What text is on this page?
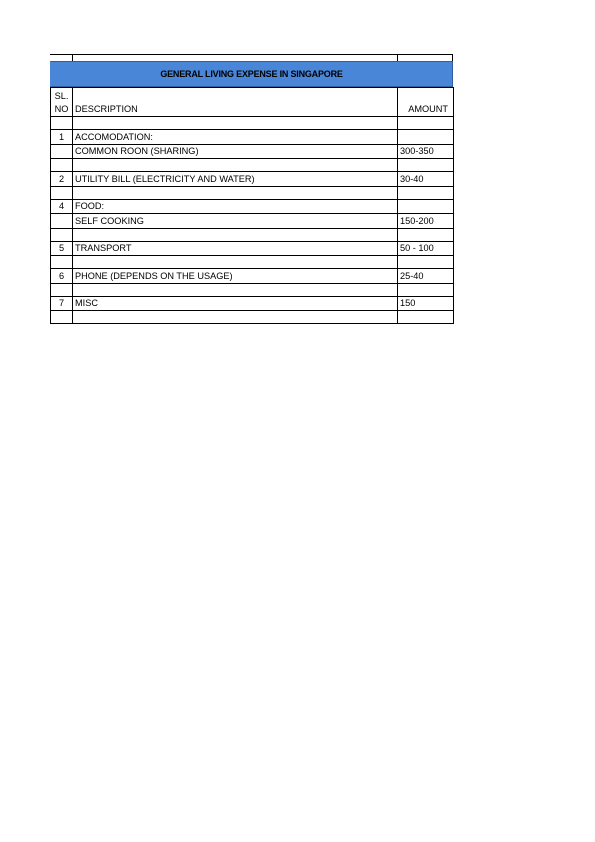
GENERAL LIVING EXPENSE IN SINGAPORE
SL.
NO	DESCRIPTION	AMOUNT

1	ACCOMODATION:	
	COMMON ROON (SHARING)	300-350

2	UTILITY BILL (ELECTRICITY AND WATER)	30-40

4	FOOD:	
	SELF COOKING	150-200

5	TRANSPORT	50 - 100

6	PHONE (DEPENDS ON THE USAGE)	25-40

7	MISC	150
